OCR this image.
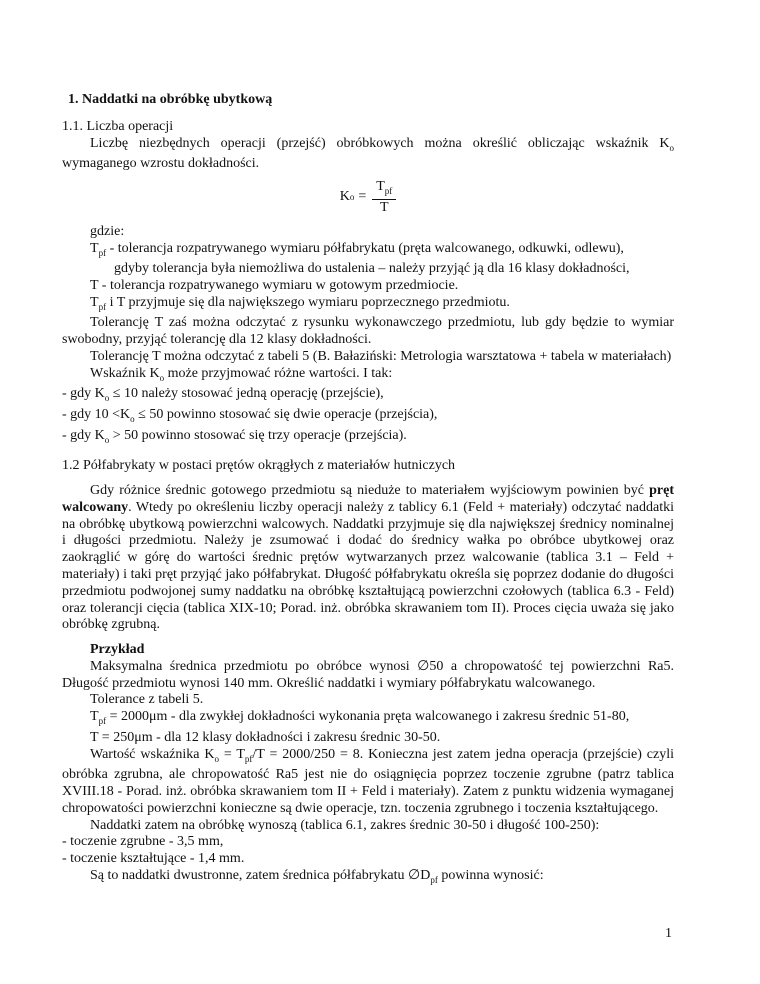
1. Naddatki na obróbkę ubytkową

1.1. Liczba operacji

Liczbę niezbędnych operacji (przejść) obróbkowych można określić obliczając wskaźnik $K_o$ wymaganego wzrostu dokładności.

K $o = \frac{T_{pf}}{T}$

gdzie:

$T_{pf}$ - tolerancja rozpatrywanego wymiaru półfabrykatu (pręta walcowanego, odkuwki, odlewu),

gdyby tolerancja była niemożliwa do ustalenia – należy przyjąć ją dla 16 klasy dokładności,

T - tolerancja rozpatrywanego wymiaru w gotowym przedmiocie.

$T_{pf}$ i T przyjmuje się dla największego wymiaru poprzecznego przedmiotu.

Tolerancję T zaś można odczytać z rysunku wykonawczego przedmiotu, lub gdy będzie to wymiar swobodny, przyjąć tolerancję dla 12 klasy dokładności.

Tolerancję T można odczytać z tabeli 5 (B. Bałaziński: Metrologia warsztatowa + tabela w materiałach)

Wskaźnik $K_o$ może przyjmować różne wartości. I tak:

- gdy $K_o \le 10$ należy stosować jedną operację (przejście),

- gdy $10 <K_o \le 50$ powinno stosować się dwie operacje (przejścia),

- gdy $K_o > 50$ powinno stosować się trzy operacje (przejścia).

1.2 Półfabrykaty w postaci prętów okrągłych z materiałów hutniczych

Gdy różnice średnic gotowego przedmiotu są nieduże to materiałem wyjściowym powinien być pręt walcowany. Wtedy po określeniu liczby operacji należy z tablicy 6.1 (Feld + materiały) odczytać naddatki na obróbkę ubytkową powierzchni walcowych. Naddatki przyjmuje się dla największej średnicy nominalnej i długości przedmiotu. Należy je zsumować i dodać do średnicy wałka po obróbce ubytkowej oraz zaokrąglić w górę do wartości średnic prętów wytwarzanych przez walcowanie (tablica 3.1 – Feld + materiały) i taki pręt przyjąć jako półfabrykat. Długość półfabrykatu określa się poprzez dodanie do długości przedmiotu podwojonej sumy naddatku na obróbkę kształtującą powierzchni czołowych (tablica 6.3 - Feld) oraz tolerancji cięcia (tablica XIX-10; Porad. inż. obróbka skrawaniem tom II). Proces cięcia uważa się jako obróbkę zgrubną.

Przykład

Maksymalna średnica przedmiotu po obróbce wynosi ∅50 a chropowatość tej powierzchni Ra5. Długość przedmiotu wynosi 140 mm. Określić naddatki i wymiary półfabrykatu walcowanego.

Tolerance z tabeli 5.

$T_{pf} = 2000\mu m$ - dla zwykłej dokładności wykonania pręta walcowanego i zakresu średnic 51-80,

T = 250μm - dla 12 klasy dokładności i zakresu średnic 30-50.

Wartość wskaźnika $K_o = T_{pf}/T = 2000/250 = 8$. Konieczna jest zatem jedna operacja (przejście) czyli obróbka zgrubna, ale chropowatość Ra5 jest nie do osiągnięcia poprzez toczenie zgrubne (patrz tablica XVIII.18 - Porad. inż. obróbka skrawaniem tom II + Feld i materiały). Zatem z punktu widzenia wymaganej chropowatości powierzchni konieczne są dwie operacje, tzn. toczenia zgrubnego i toczenia kształtującego.

Naddatki zatem na obróbkę wynoszą (tablica 6.1, zakres średnic 30-50 i długość 100-250):

- toczenie zgrubne - 3,5 mm,

- toczenie kształtujące - 1,4 mm.

Są to naddatki dwustronne, zatem średnica półfabrykatu $\emptyset D_{pf}$ powinna wynosić:

1
